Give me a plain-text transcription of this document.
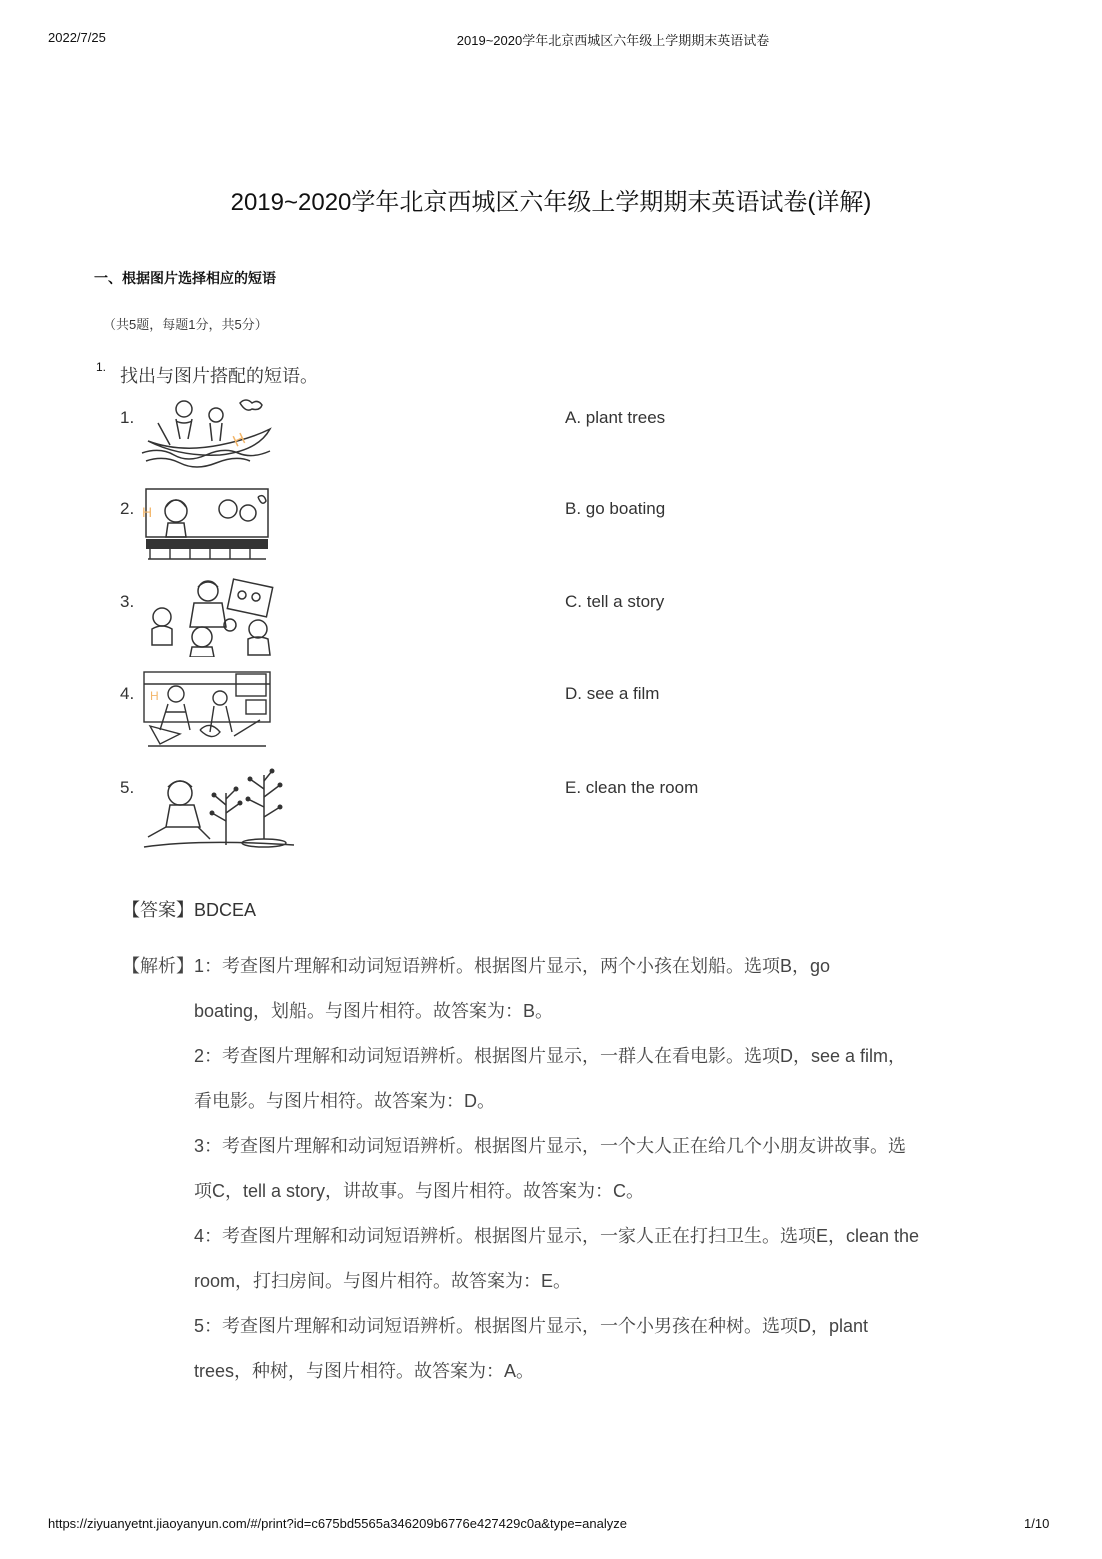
2022/7/25	2019~2020学年北京西城区六年级上学期期末英语试卷
2019~2020学年北京西城区六年级上学期期末英语试卷(详解)
一、根据图片选择相应的短语
（共5题，每题1分，共5分）
1. 找出与图片搭配的短语。
1.
2.
3.
4.
5.
H
H
H
A. plant trees
B. go boating
C. tell a story
D. see a film
E. clean the room
【答案】BDCEA
【解析】1：考查图片理解和动词短语辨析。根据图片显示，两个小孩在划船。选项B，go
boating，划船。与图片相符。故答案为：B。
2：考查图片理解和动词短语辨析。根据图片显示，一群人在看电影。选项D，see a film，
看电影。与图片相符。故答案为：D。
3：考查图片理解和动词短语辨析。根据图片显示，一个大人正在给几个小朋友讲故事。选
项C，tell a story，讲故事。与图片相符。故答案为：C。
4：考查图片理解和动词短语辨析。根据图片显示，一家人正在打扫卫生。选项E，clean the
room，打扫房间。与图片相符。故答案为：E。
5：考查图片理解和动词短语辨析。根据图片显示，一个小男孩在种树。选项D，plant
trees，种树，与图片相符。故答案为：A。
https://ziyuanyetnt.jiaoyanyun.com/#/print?id=c675bd5565a346209b6776e427429c0a&type=analyze	1/10
